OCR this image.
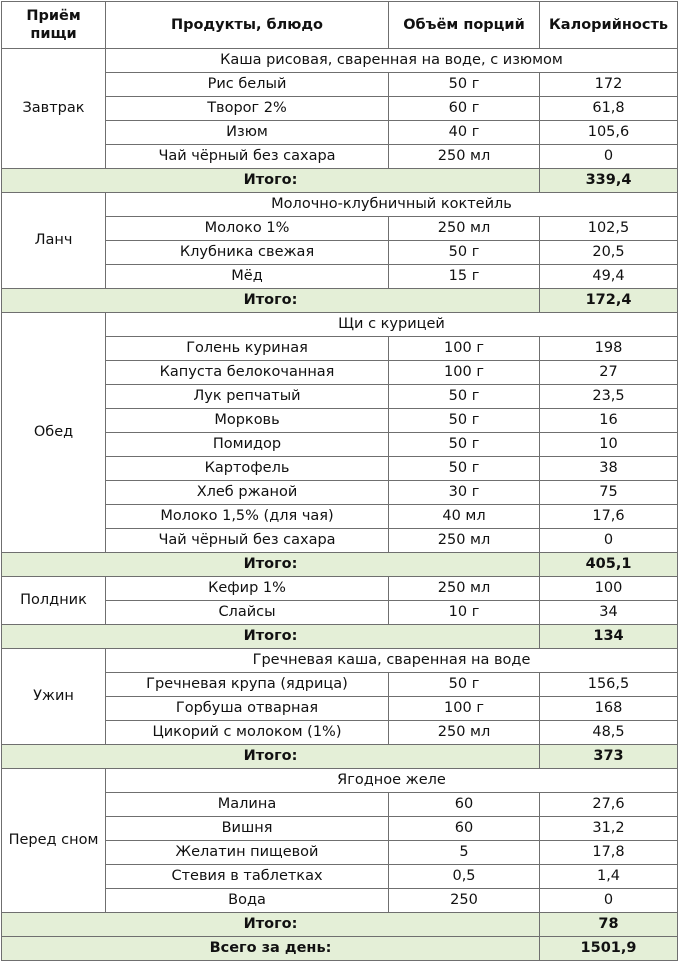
Приём пищи	Продукты, блюдо	Объём порций	Калорийность
Завтрак	Каша рисовая, сваренная на воде, с изюмом		
	Рис белый	50 г	172
	Творог 2%	60 г	61,8
	Изюм	40 г	105,6
	Чай чёрный без сахара	250 мл	0
Итого:			339,4
Ланч	Молочно-клубничный коктейль		
	Молоко 1%	250 мл	102,5
	Клубника свежая	50 г	20,5
	Мёд	15 г	49,4
Итого:			172,4
Обед	Щи с курицей		
	Голень куриная	100 г	198
	Капуста белокочанная	100 г	27
	Лук репчатый	50 г	23,5
	Морковь	50 г	16
	Помидор	50 г	10
	Картофель	50 г	38
	Хлеб ржаной	30 г	75
	Молоко 1,5% (для чая)	40 мл	17,6
	Чай чёрный без сахара	250 мл	0
Итого:			405,1
Полдник	Кефир 1%	250 мл	100
	Слайсы	10 г	34
Итого:			134
Ужин	Гречневая каша, сваренная на воде		
	Гречневая крупа (ядрица)	50 г	156,5
	Горбуша отварная	100 г	168
	Цикорий с молоком (1%)	250 мл	48,5
Итого:			373
Перед сном	Ягодное желе		
	Малина	60	27,6
	Вишня	60	31,2
	Желатин пищевой	5	17,8
	Стевия в таблетках	0,5	1,4
	Вода	250	0
Итого:			78
Всего за день:			1501,9
